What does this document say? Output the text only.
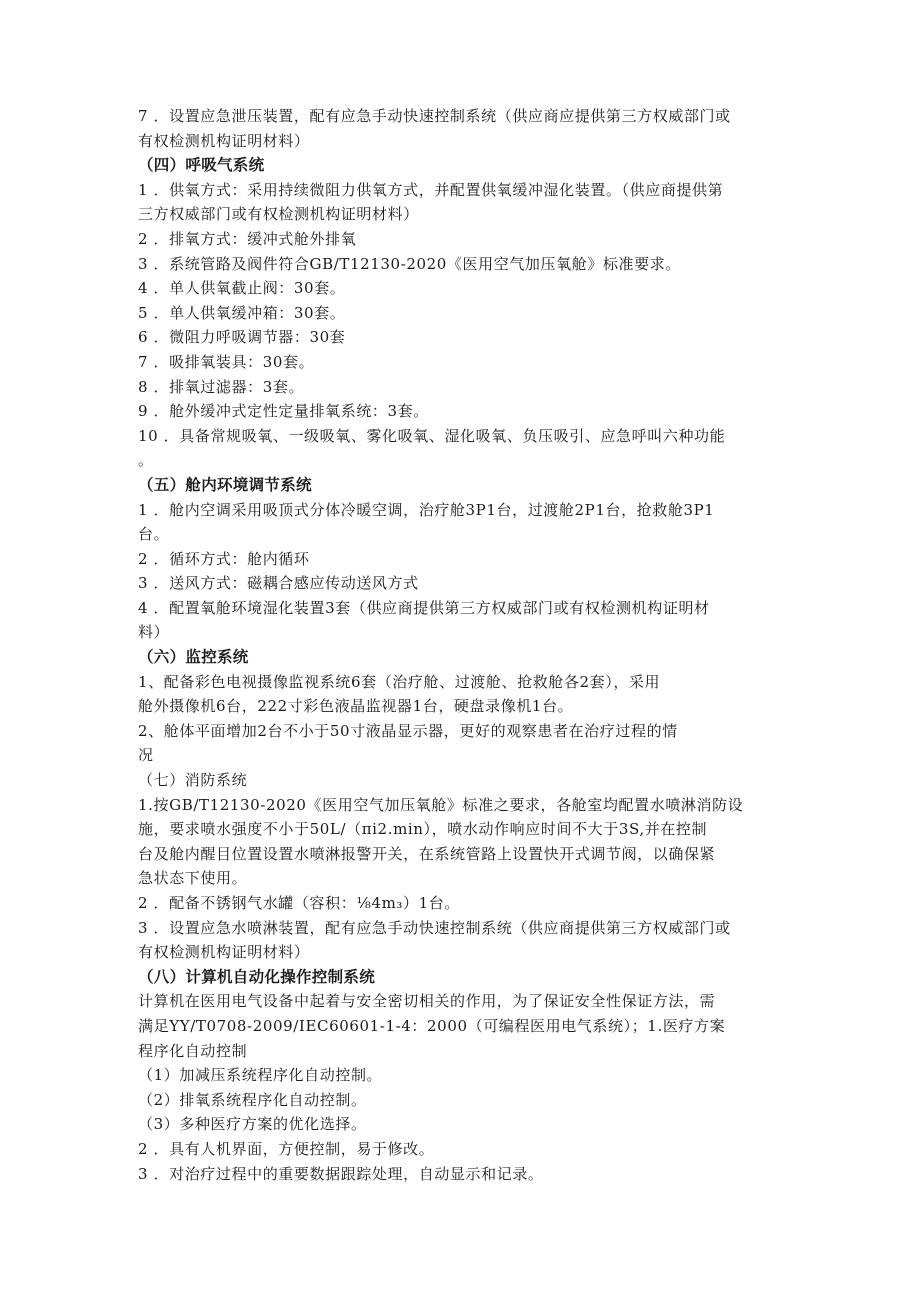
7 ．设置应急泄压装置，配有应急手动快速控制系统（供应商应提供第三方权威部门或
有权检测机构证明材料）
（四）呼吸气系统
1 ．供氧方式：采用持续微阻力供氧方式，并配置供氧缓冲湿化装置。（供应商提供第
三方权威部门或有权检测机构证明材料）
2 ．排氧方式：缓冲式舱外排氧
3 ．系统管路及阀件符合GB/T12130-2020《医用空气加压氧舱》标准要求。
4 ．单人供氧截止阀：30套。
5 ．单人供氧缓冲箱：30套。
6 ．微阻力呼吸调节器：30套
7 ．吸排氧装具：30套。
8 ．排氧过滤器：3套。
9 ．舱外缓冲式定性定量排氧系统：3套。
10 ．具备常规吸氧、一级吸氧、雾化吸氧、湿化吸氧、负压吸引、应急呼叫六种功能
。
（五）舱内环境调节系统
1 ．舱内空调采用吸顶式分体冷暖空调，治疗舱3P1台，过渡舱2P1台，抢救舱3P1
台。
2 ．循环方式：舱内循环
3 ．送风方式：磁耦合感应传动送风方式
4 ．配置氧舱环境湿化装置3套（供应商提供第三方权威部门或有权检测机构证明材
料）
（六）监控系统
1、配备彩色电视摄像监视系统6套（治疗舱、过渡舱、抢救舱各2套），采用
舱外摄像机6台，222寸彩色液晶监视器1台，硬盘录像机1台。
2、舱体平面增加2台不小于50寸液晶显示器，更好的观察患者在治疗过程的情
况
（七）消防系统
1.按GB/T12130-2020《医用空气加压氧舱》标准之要求，各舱室均配置水喷淋消防设
施，要求喷水强度不小于50L/（πi2.min），喷水动作响应时间不大于3S,并在控制
台及舱内醒目位置设置水喷淋报警开关，在系统管路上设置快开式调节阀，以确保紧
急状态下使用。
2 ．配备不锈钢气水罐（容积：⅛4m₃）1台。
3 ．设置应急水喷淋装置，配有应急手动快速控制系统（供应商提供第三方权威部门或
有权检测机构证明材料）
（八）计算机自动化操作控制系统
计算机在医用电气设备中起着与安全密切相关的作用，为了保证安全性保证方法，需
满足YY/T0708-2009/IEC60601-1-4：2000（可编程医用电气系统）；1.医疗方案
程序化自动控制
（1）加减压系统程序化自动控制。
（2）排氧系统程序化自动控制。
（3）多种医疗方案的优化选择。
2 ．具有人机界面，方便控制，易于修改。
3 ．对治疗过程中的重要数据跟踪处理，自动显示和记录。
